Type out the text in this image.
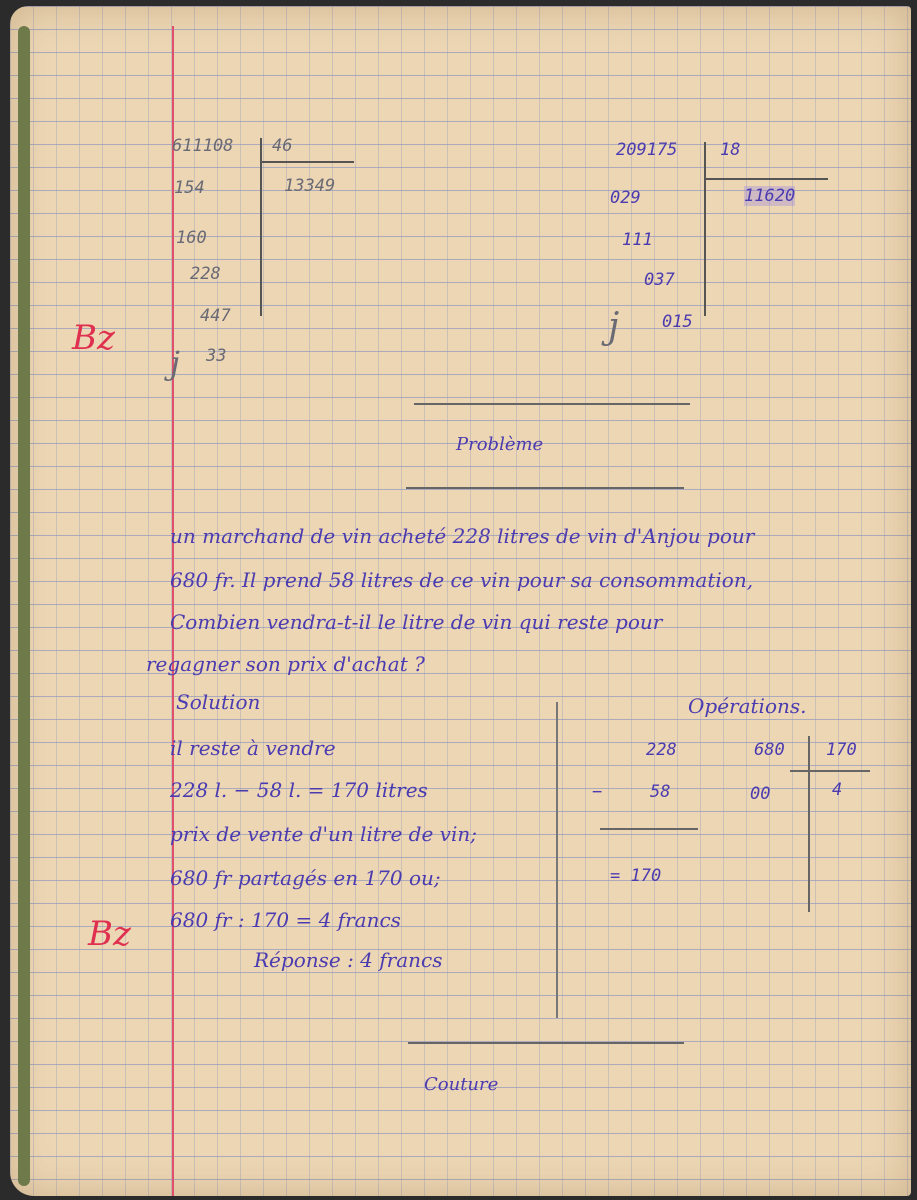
611108 46
13349
154
160
228
447
j 33
209175	18
11620
029
111
037
j	015
Bz
Problème
un marchand de vin acheté 228 litres de vin d'Anjou pour
680 fr. Il prend 58 litres de ce vin pour sa consommation,
Combien vendra-t-il le litre de vin qui reste pour
regagner son prix d'achat ?
Solution
il reste à vendre
228 l. − 58 l. = 170 litres
prix de vente d'un litre de vin;
680 fr partagés en 170 ou;
680 fr : 170 = 4 francs
Réponse : 4 francs
Bz
Opérations.
228
−	58
= 170
680 170
00	4
Couture
